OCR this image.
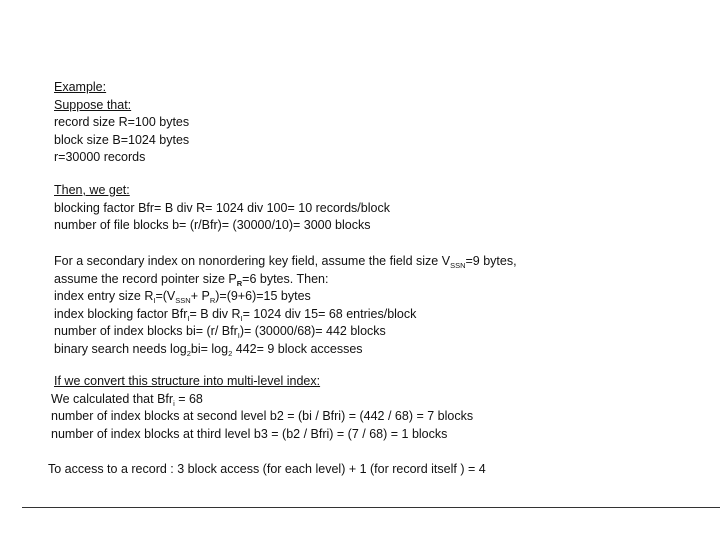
Example:
Suppose that:
record size R=100 bytes
block size B=1024 bytes
r=30000 records
Then, we get:
blocking factor Bfr= B div R= 1024 div 100= 10 records/block
number of file blocks b= (r/Bfr)= (30000/10)= 3000 blocks
For a secondary index on nonordering key field, assume the field size $V_{SSN}=9$ bytes,
assume the record pointer size $P_R=6$ bytes. Then:
index entry size $R_I=(V_{SSN}+ P_R)=(9+6)=15$ bytes
index blocking factor Bfr$_I$= B div $R_I= 1024$ div 15= 68 entries/block
number of index blocks bi= (r/ Bfr$_I$)= (30000/68)= 442 blocks
binary search needs $\log_2bi= \log_2 442= 9$ block accesses
If we convert this structure into multi-level index:
We calculated that Bfr$_i$ = 68
number of index blocks at second level b2 = (bi / Bfri) = (442 / 68) = 7 blocks
number of index blocks at third level b3 = (b2 / Bfri) = (7 / 68) = 1 blocks
To access to a record : 3 block access (for each level) + 1 (for record itself ) = 4
